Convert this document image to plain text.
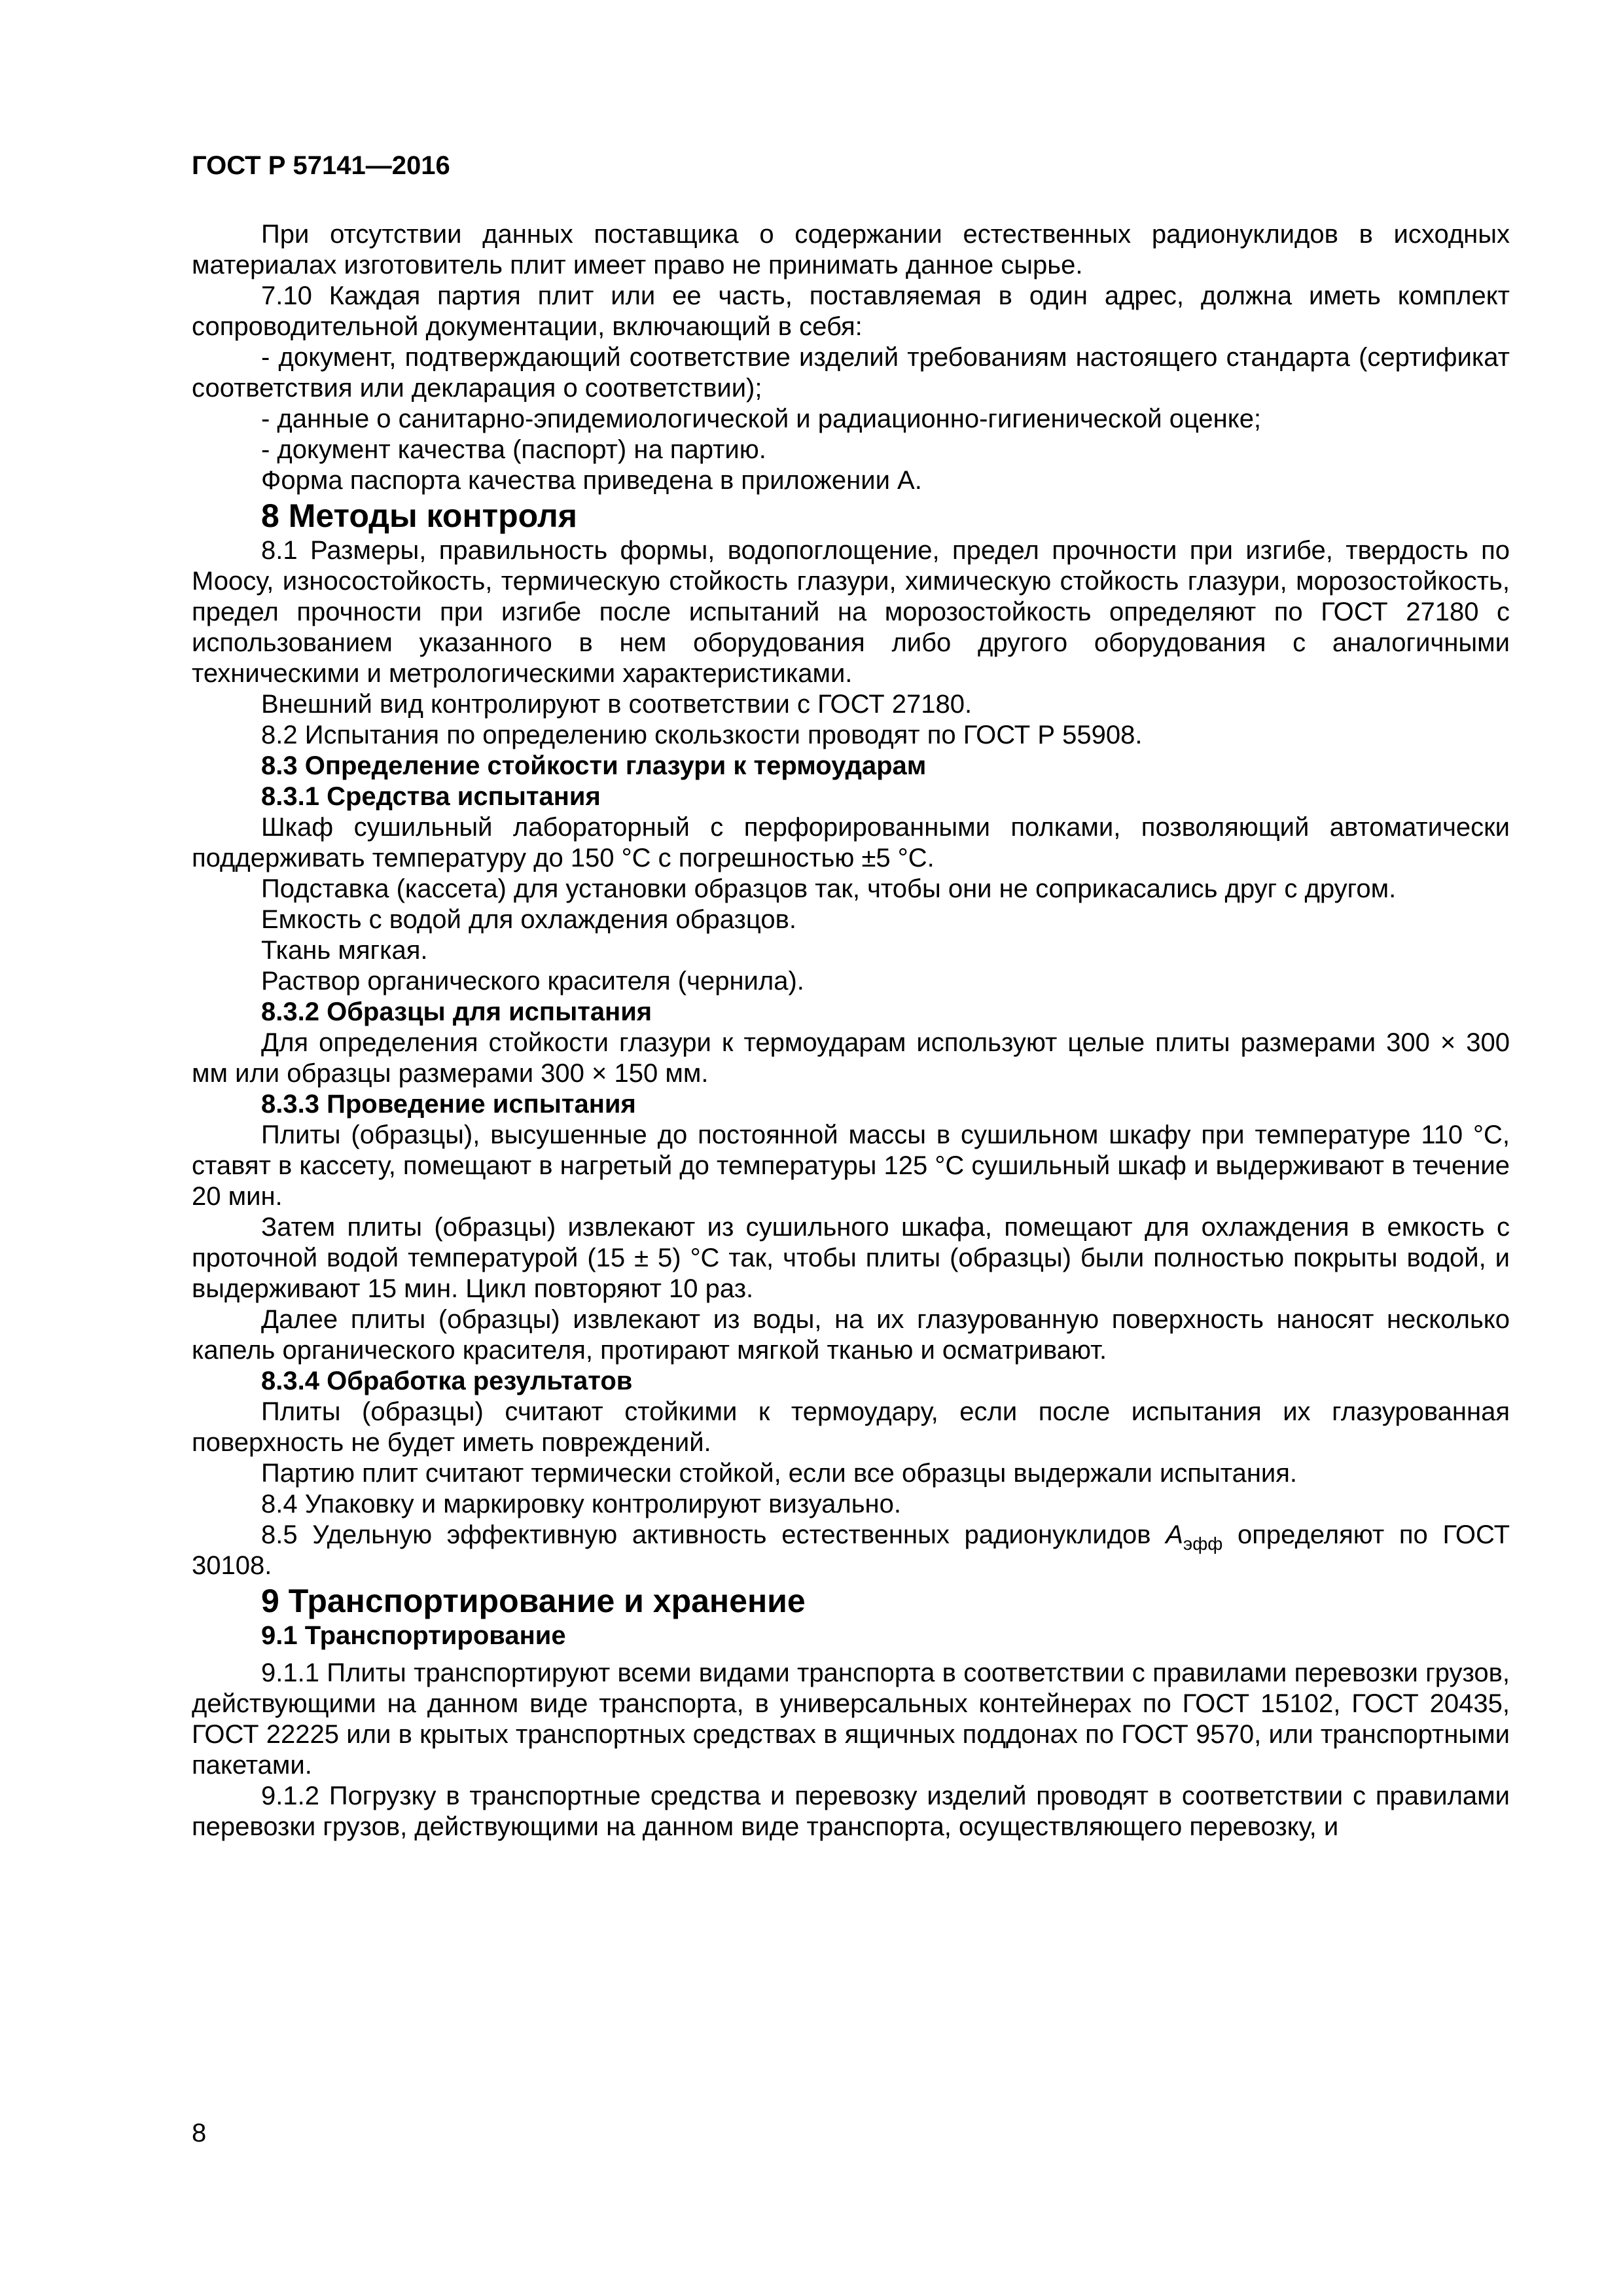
ГОСТ Р 57141—2016

При отсутствии данных поставщика о содержании естественных радионуклидов в исходных материалах изготовитель плит имеет право не принимать данное сырье.

7.10 Каждая партия плит или ее часть, поставляемая в один адрес, должна иметь комплект сопроводительной документации, включающий в себя:

- документ, подтверждающий соответствие изделий требованиям настоящего стандарта (сертификат соответствия или декларация о соответствии);

- данные о санитарно-эпидемиологической и радиационно-гигиенической оценке;

- документ качества (паспорт) на партию.

Форма паспорта качества приведена в приложении А.

8 Методы контроля

8.1 Размеры, правильность формы, водопоглощение, предел прочности при изгибе, твердость по Моосу, износостойкость, термическую стойкость глазури, химическую стойкость глазури, морозостойкость, предел прочности при изгибе после испытаний на морозостойкость определяют по ГОСТ 27180 с использованием указанного в нем оборудования либо другого оборудования с аналогичными техническими и метрологическими характеристиками.

Внешний вид контролируют в соответствии с ГОСТ 27180.

8.2 Испытания по определению скользкости проводят по ГОСТ Р 55908.

8.3 Определение стойкости глазури к термоударам
8.3.1 Средства испытания

Шкаф сушильный лабораторный с перфорированными полками, позволяющий автоматически поддерживать температуру до 150 °С с погрешностью ±5 °С.

Подставка (кассета) для установки образцов так, чтобы они не соприкасались друг с другом.

Емкость с водой для охлаждения образцов.

Ткань мягкая.

Раствор органического красителя (чернила).

8.3.2 Образцы для испытания

Для определения стойкости глазури к термоударам используют целые плиты размерами 300 × 300 мм или образцы размерами 300 × 150 мм.

8.3.3 Проведение испытания

Плиты (образцы), высушенные до постоянной массы в сушильном шкафу при температуре 110 °С, ставят в кассету, помещают в нагретый до температуры 125 °С сушильный шкаф и выдерживают в течение 20 мин.

Затем плиты (образцы) извлекают из сушильного шкафа, помещают для охлаждения в емкость с проточной водой температурой (15 ± 5) °С так, чтобы плиты (образцы) были полностью покрыты водой, и выдерживают 15 мин. Цикл повторяют 10 раз.

Далее плиты (образцы) извлекают из воды, на их глазурованную поверхность наносят несколько капель органического красителя, протирают мягкой тканью и осматривают.

8.3.4 Обработка результатов

Плиты (образцы) считают стойкими к термоудару, если после испытания их глазурованная поверхность не будет иметь повреждений.

Партию плит считают термически стойкой, если все образцы выдержали испытания.

8.4 Упаковку и маркировку контролируют визуально.

8.5 Удельную эффективную активность естественных радионуклидов $А_{эфф}$ определяют по ГОСТ 30108.

9 Транспортирование и хранение
9.1 Транспортирование

9.1.1 Плиты транспортируют всеми видами транспорта в соответствии с правилами перевозки грузов, действующими на данном виде транспорта, в универсальных контейнерах по ГОСТ 15102, ГОСТ 20435, ГОСТ 22225 или в крытых транспортных средствах в ящичных поддонах по ГОСТ 9570, или транспортными пакетами.

9.1.2 Погрузку в транспортные средства и перевозку изделий проводят в соответствии с правилами перевозки грузов, действующими на данном виде транспорта, осуществляющего перевозку, и

8
